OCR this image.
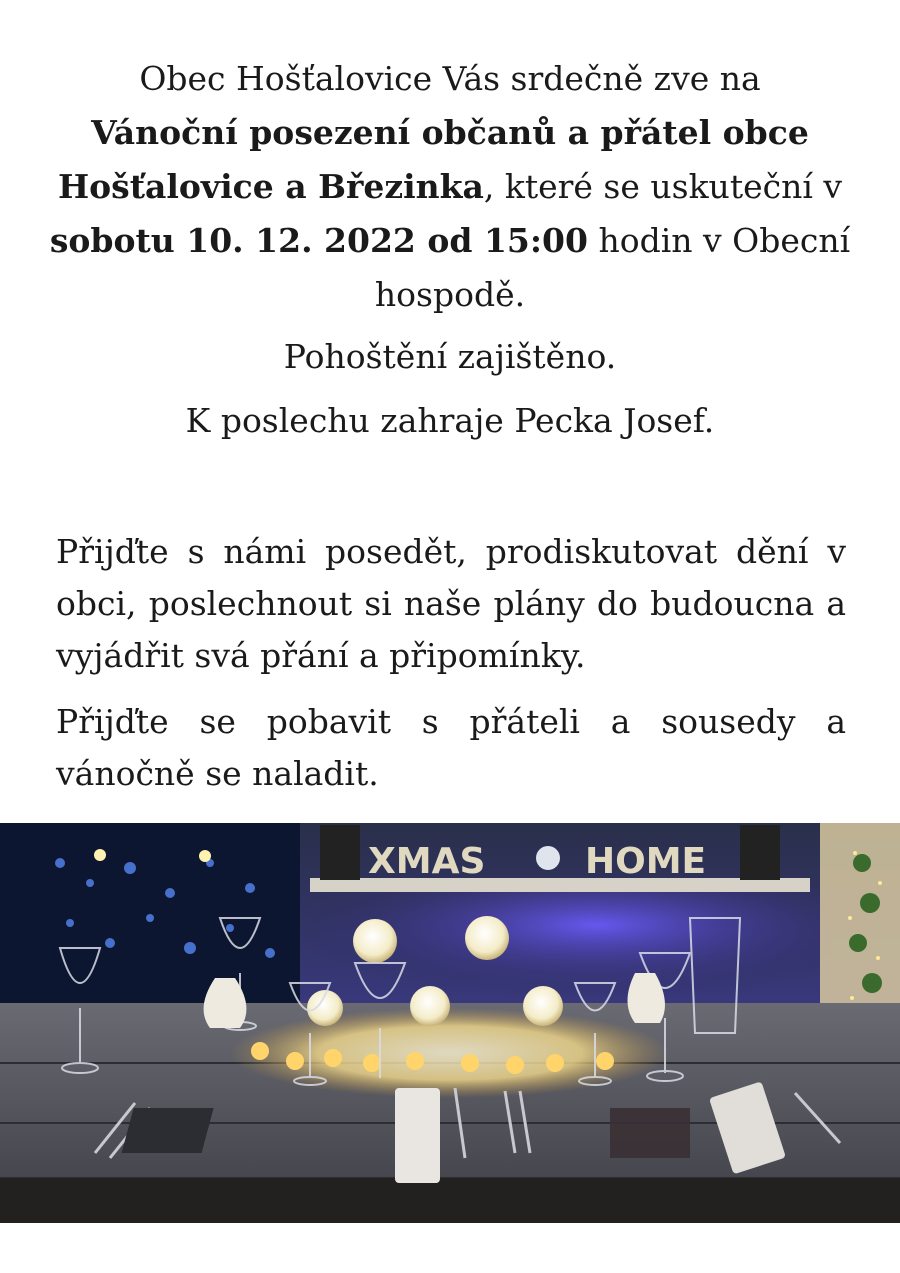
Obec Hošťalovice Vás srdečně zve na
Vánoční posezení občanů a přátel obce Hošťalovice a Březinka, které se uskuteční v sobotu 10. 12. 2022 od 15:00 hodin v Obecní hospodě.

Pohoštění zajištěno.
K poslechu zahraje Pecka Josef.
Přijďte s námi posedět, prodiskutovat dění v obci, poslechnout si naše plány do budoucna a vyjádřit svá přání a připomínky.
Přijďte se pobavit s přáteli a sousedy a vánočně se naladit.
XMAS	HOME
